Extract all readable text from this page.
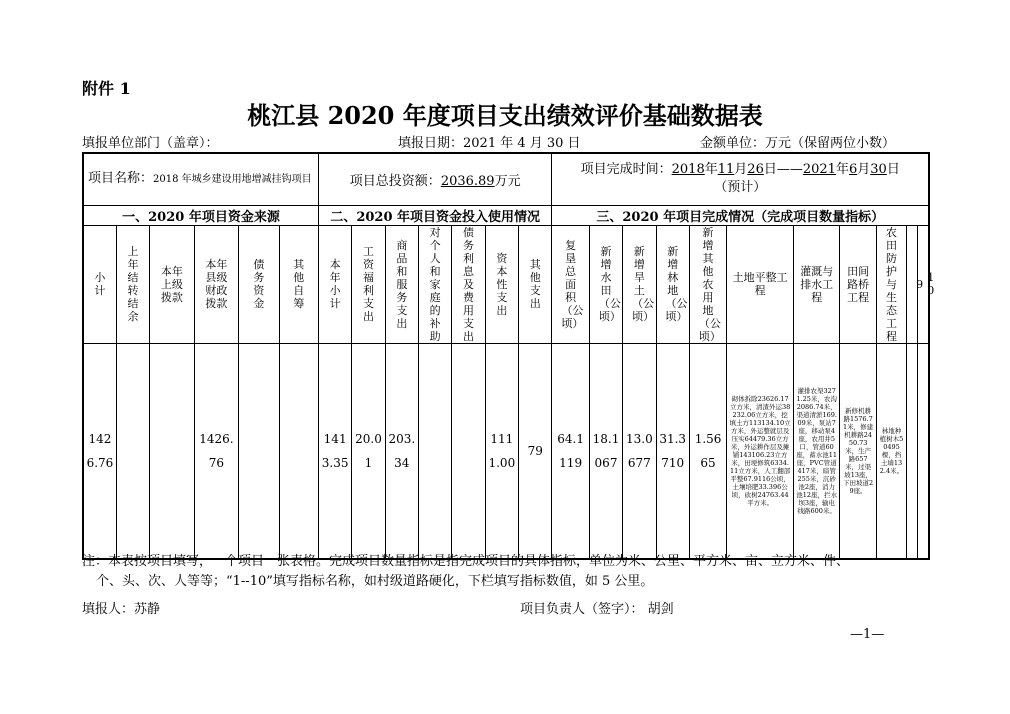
附件 1
桃江县 2020 年度项目支出绩效评价基础数据表
填报单位部门（盖章）：	填报日期：2021 年 4 月 30 日	金额单位：万元（保留两位小数）
项目名称：2018 年城乡建设用地增减挂钩项目						项目总投资额：2036.89万元							项目完成时间：2018年11月26日——2021年6月30日
（预计）										

一、2020 年项目资金来源						二、2020 年项目资金投入使用情况							三、2020 年项目完成情况（完成项目数量指标）										
小计	上年结转结余	本年上级拨款	本年县级财政拨款	债务资金	其他自筹	本年小计	工资福利支出	商品和服务支出	对个人和家庭的补助	债务利息及费用支出	资本性支出	其他支出	复垦总面积（公顷）	新增水田（公顷）	新增旱土（公顷）	新增林地（公顷）	新增其他农用地（公顷）	土地平整工程	灌溉与排水工程	田间路桥工程	农田防护与生态工程	9	10
142 6.76			1426. 76			141 3.35	20.0 1	203. 34			111 1.00	79	64.1 119	18.1 067	13.0 677	31.3 710	1.56 65	砌体拆除23626.17立方米，清渣外运38232.06立方米，挖填土方113134.10立方米，外运整就层及压实64479.36立方米，外运耕作层及摊铺143106.23立方米，田埂修筑6334.11立方米，人工翻部平整67.9116公顷，土壤培肥33.396公顷，砍树24763.44平方米。	灌排农渠3271.25米，农沟2086.74米，渠道清淤169.09米，泵站7座，移动泵4座，农用井5口，管道60座，蓄水池11座，PVC管道417米，暗管255米，沉砂池2座，消力池12座，拦水坝3座，输电线路600米。	新修机耕路1576.71米，修建机耕路2450.73米，生产路657米，过渠坡13座，下田坡道29座。	林地种植树木50495棵，挡土墙132.4米。		
注：本表按项目填写，一个项目一张表格。完成项目数量指标是指完成项目的具体指标，单位为米、公里、平方米、亩、立方米、件、
个、头、次、人等等；“1--10”填写指标名称，如村级道路硬化，下栏填写指标数值，如 5 公里。
填报人：苏静	项目负责人（签字）： 胡剑
—1—
